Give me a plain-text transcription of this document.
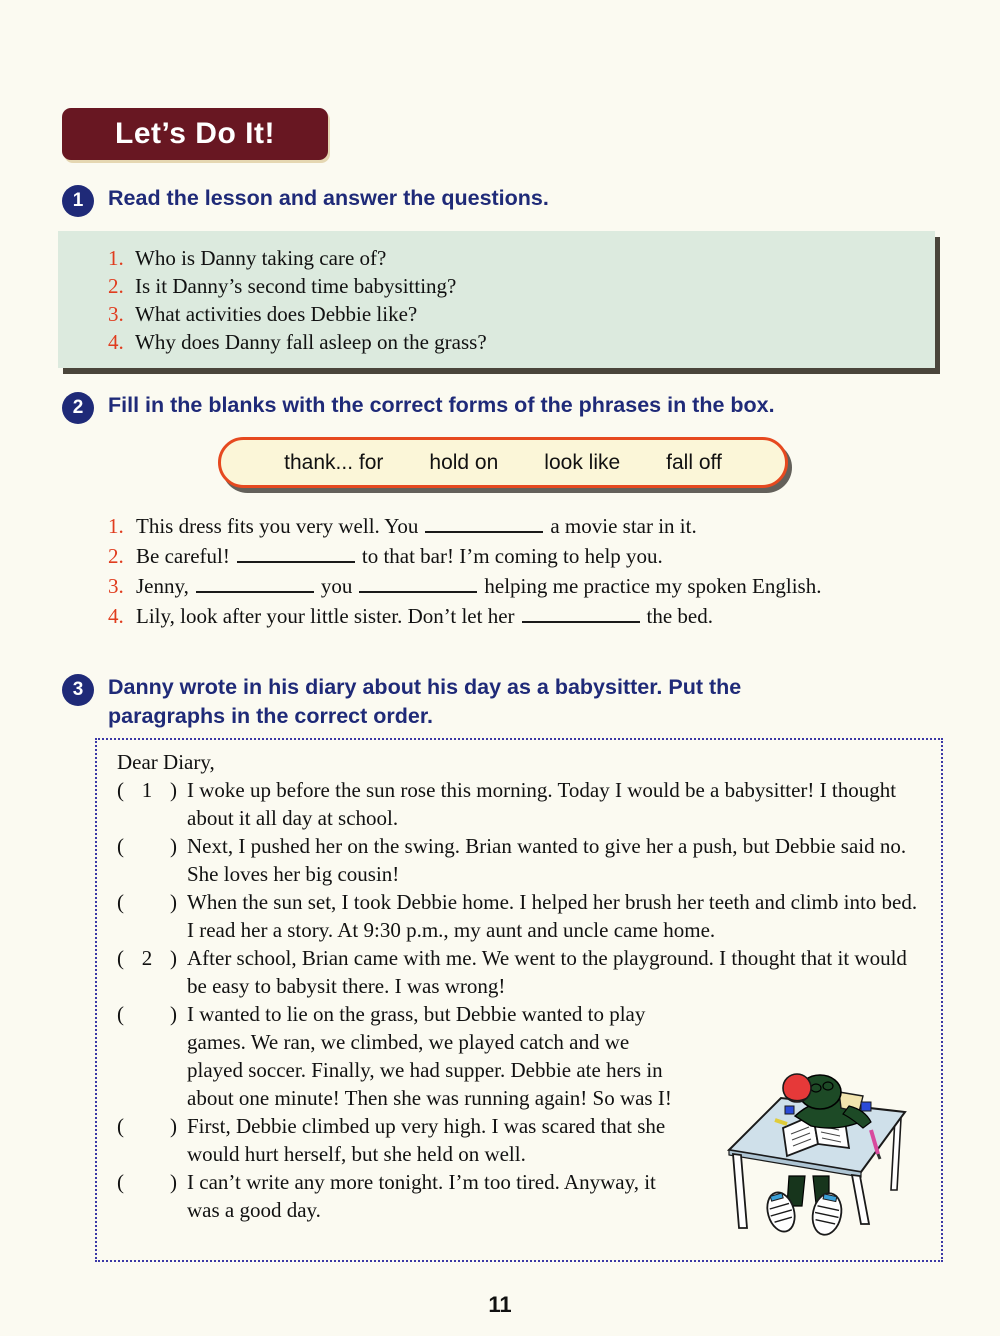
Let’s Do It!
1	Read the lesson and answer the questions.
1. Who is Danny taking care of?
2. Is it Danny’s second time babysitting?
3. What activities does Debbie like?
4. Why does Danny fall asleep on the grass?
2	Fill in the blanks with the correct forms of the phrases in the box.
thank... for hold on look like fall off
1. This dress fits you very well. You	a movie star in it.
2. Be careful!	to that bar! I’m coming to help you.
3. Jenny,	you	helping me practice my spoken English.
4. Lily, look after your little sister. Don’t let her	the bed.
3	Danny wrote in his diary about his day as a babysitter. Put the paragraphs in the correct order.
Dear Diary,
( 1 ) I woke up before the sun rose this morning. Today I would be a babysitter! I thought about it all day at school.
( ) Next, I pushed her on the swing. Brian wanted to give her a push, but Debbie said no. She loves her big cousin!
( ) When the sun set, I took Debbie home. I helped her brush her teeth and climb into bed. I read her a story. At 9:30 p.m., my aunt and uncle came home.
( 2 ) After school, Brian came with me. We went to the playground. I thought that it would be easy to babysit there. I was wrong!
( ) I wanted to lie on the grass, but Debbie wanted to play games. We ran, we climbed, we played catch and we played soccer. Finally, we had supper. Debbie ate hers in about one minute! Then she was running again! So was I!
( ) First, Debbie climbed up very high. I was scared that she would hurt herself, but she held on well.
( ) I can’t write any more tonight. I’m too tired. Anyway, it was a good day.
11
